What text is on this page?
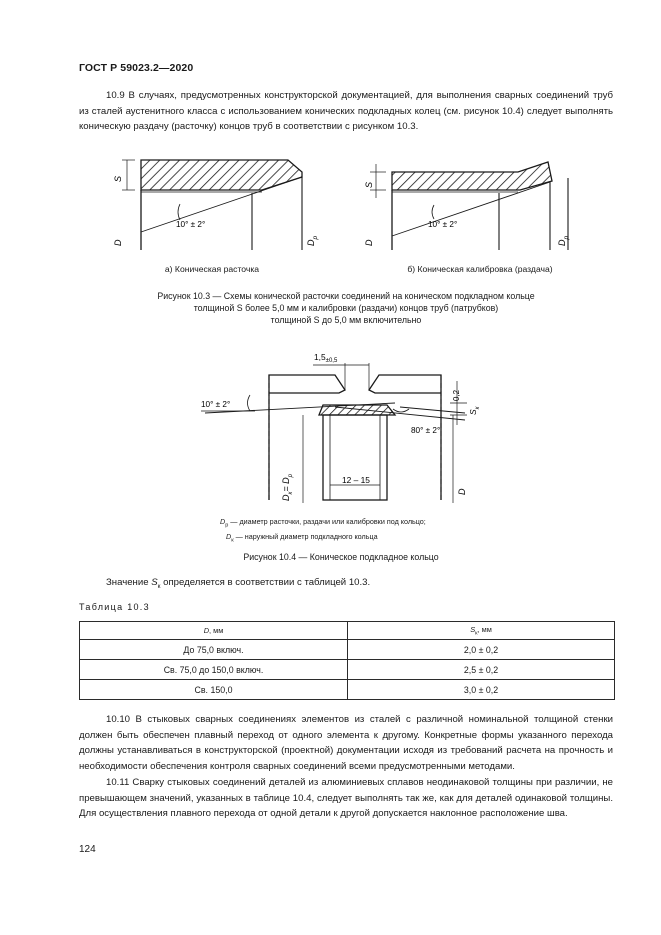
ГОСТ Р 59023.2—2020
10.9 В случаях, предусмотренных конструкторской документацией, для выполнения сварных соединений труб из сталей аустенитного класса с использованием конических подкладных колец (см. рисунок 10.4) следует выполнять коническую раздачу (расточку) концов труб в соответствии с рисунком 10.3.
S
D	$D_p$
10° ± 2°
S
D	$D_p$
10° ± 2°
а) Коническая расточка	б) Коническая калибровка (раздача)
Рисунок 10.3 — Схемы конической расточки соединений на коническом подкладном кольце
толщиной S более 5,0 мм и калибровки (раздачи) концов труб (патрубков)
толщиной S до 5,0 мм включительно
$1,5_{\pm 0,5}$
10° ± 2°
80° ± 2°
0,2
$S_к$
12 – 15
$D_к= D_p$
D
$D_p$ — диаметр расточки, раздачи или калибровки под кольцо;
$D_к$ — наружный диаметр подкладного кольца
Рисунок 10.4 — Коническое подкладное кольцо
Значение $S_к$ определяется в соответствии с таблицей 10.3.
Таблица 10.3
D, мм	$S_к$, мм
До 75,0 включ.	2,0 ± 0,2
Св. 75,0 до 150,0 включ.	2,5 ± 0,2
Св. 150,0	3,0 ± 0,2
10.10 В стыковых сварных соединениях элементов из сталей с различной номинальной толщиной стенки должен быть обеспечен плавный переход от одного элемента к другому. Конкретные формы указанного перехода должны устанавливаться в конструкторской (проектной) документации исходя из требований расчета на прочность и необходимости обеспечения контроля сварных соединений всеми предусмотренными методами.
10.11 Сварку стыковых соединений деталей из алюминиевых сплавов неодинаковой толщины при различии, не превышающем значений, указанных в таблице 10.4, следует выполнять так же, как для деталей одинаковой толщины. Для осуществления плавного перехода от одной детали к другой допускается наклонное расположение шва.
124
